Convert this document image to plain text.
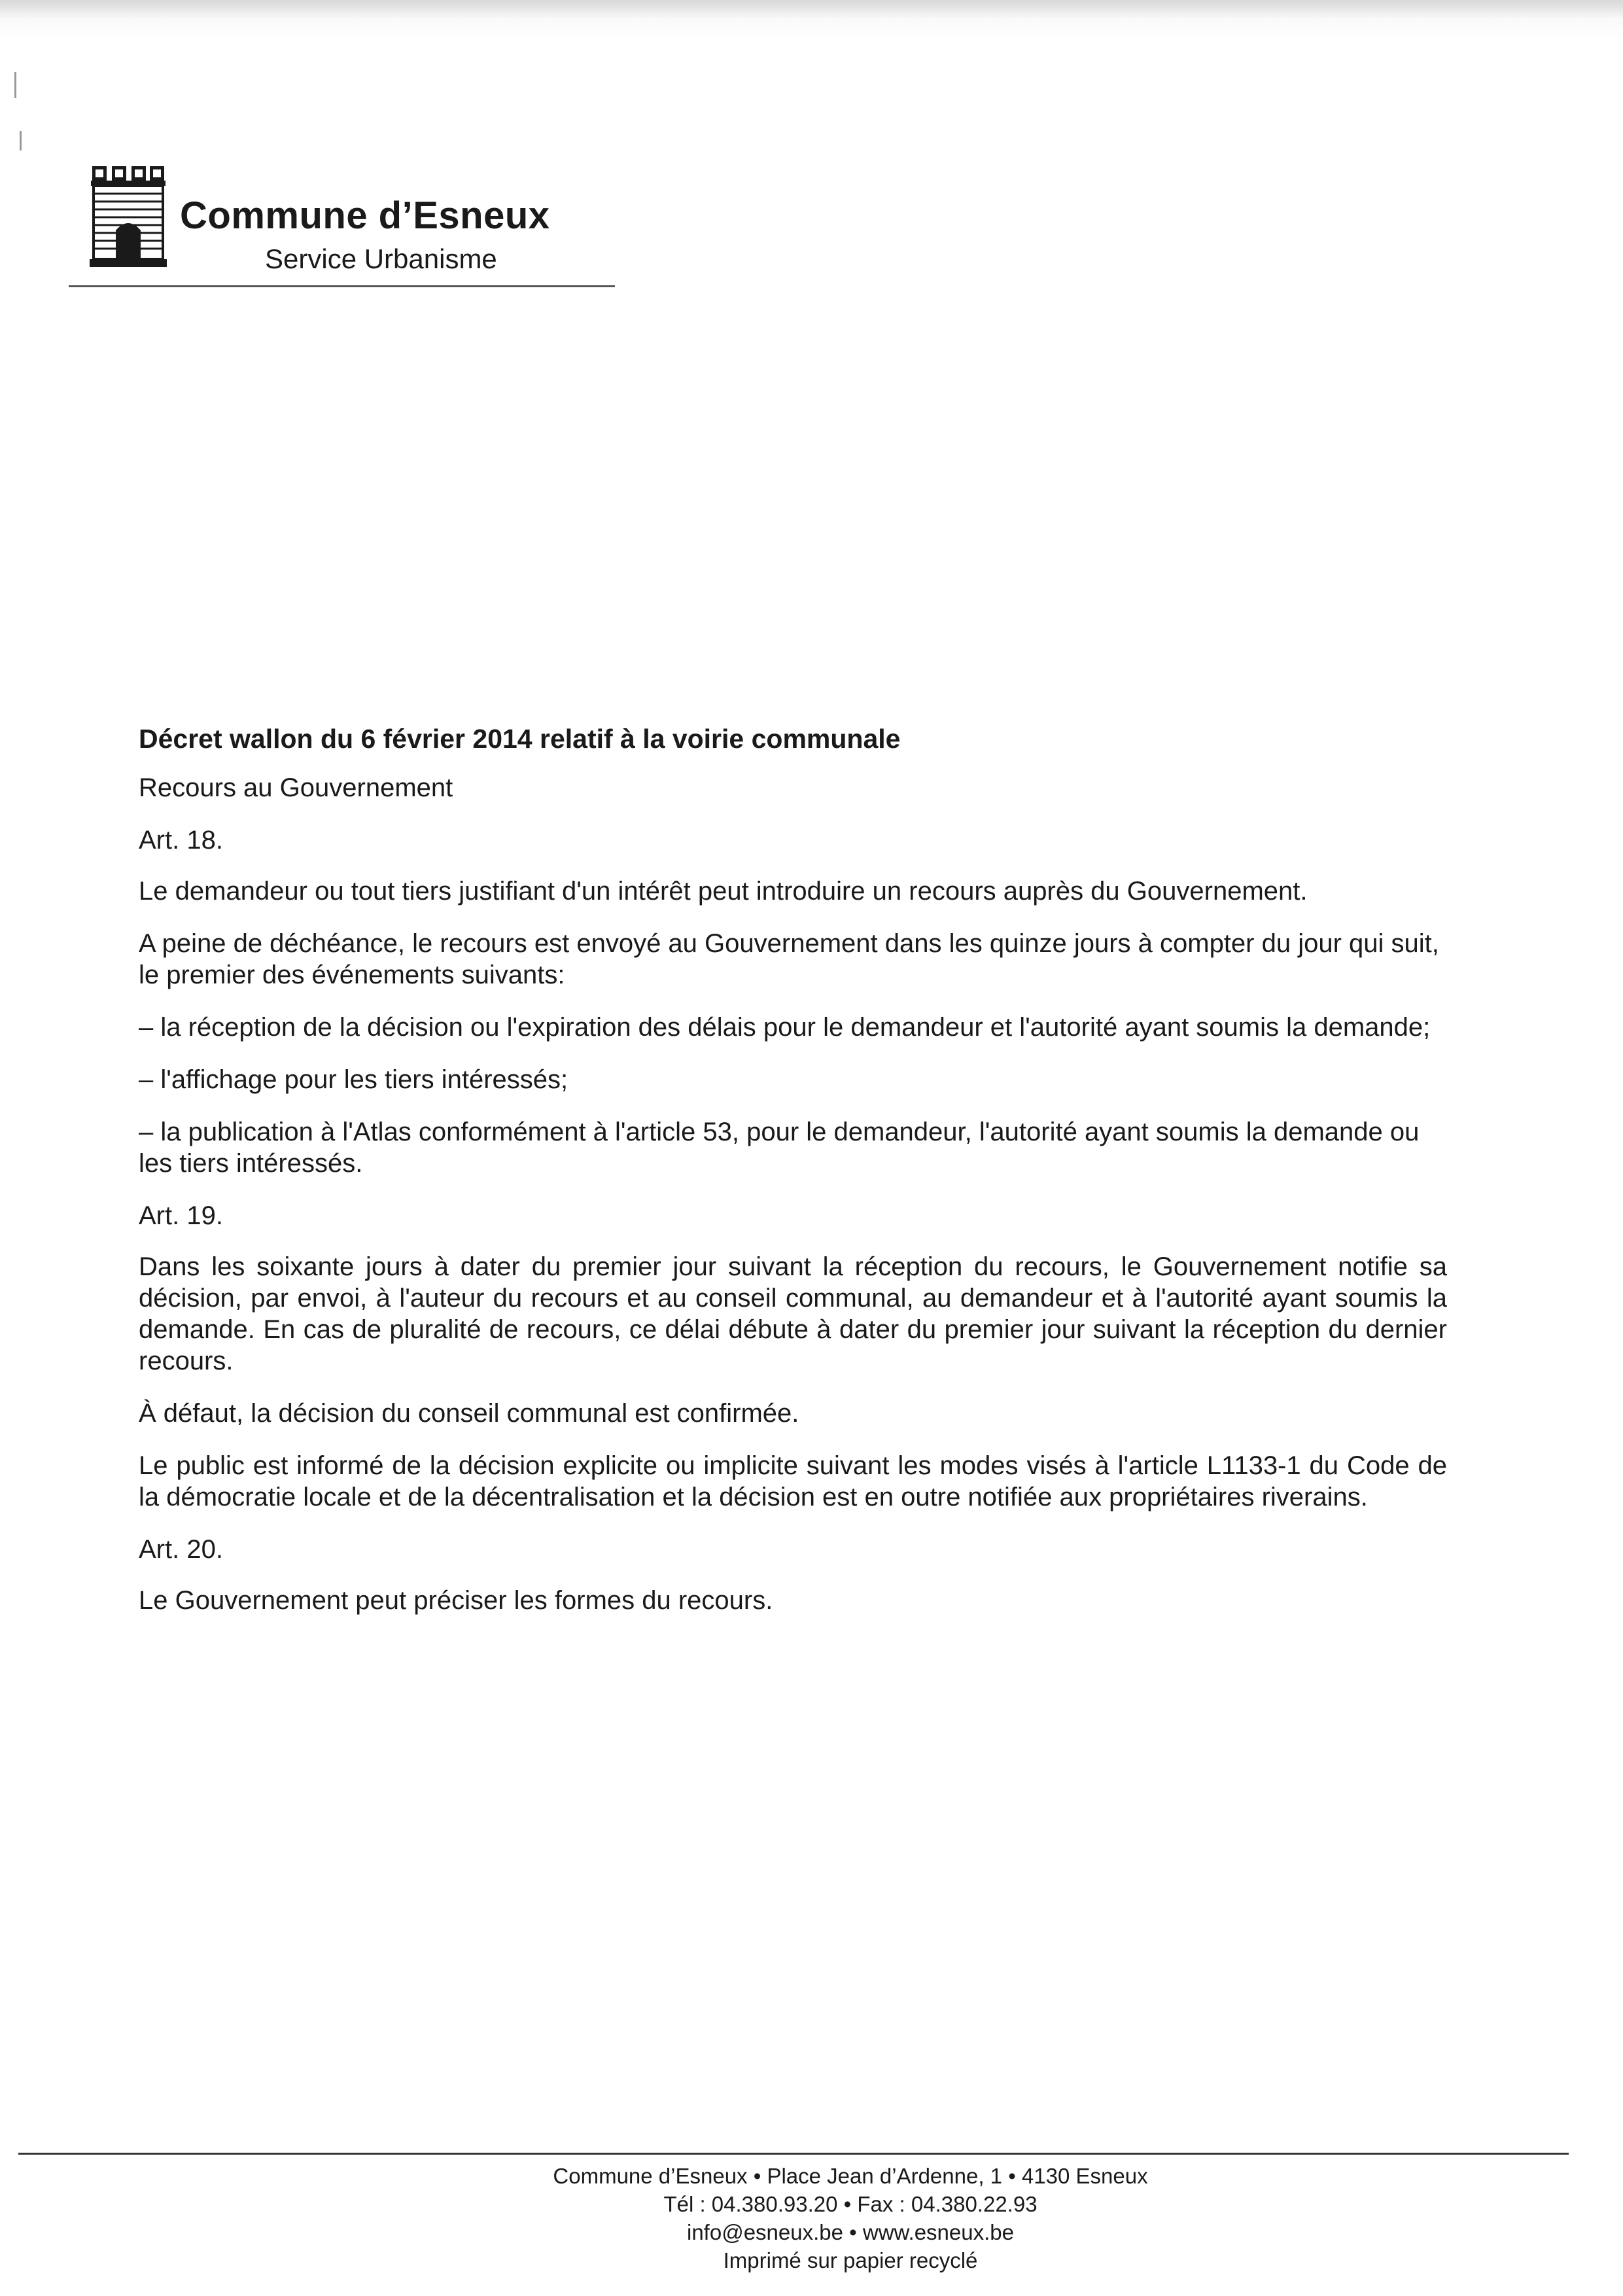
Commune d’Esneux
Service Urbanisme

Décret wallon du 6 février 2014 relatif à la voirie communale

Recours au Gouvernement

Art. 18.

Le demandeur ou tout tiers justifiant d'un intérêt peut introduire un recours auprès du Gouvernement.

A peine de déchéance, le recours est envoyé au Gouvernement dans les quinze jours à compter du jour qui suit, le premier des événements suivants:

– la réception de la décision ou l'expiration des délais pour le demandeur et l'autorité ayant soumis la demande;

– l'affichage pour les tiers intéressés;

– la publication à l'Atlas conformément à l'article 53, pour le demandeur, l'autorité ayant soumis la demande ou les tiers intéressés.

Art. 19.

Dans les soixante jours à dater du premier jour suivant la réception du recours, le Gouvernement notifie sa décision, par envoi, à l'auteur du recours et au conseil communal, au demandeur et à l'autorité ayant soumis la demande. En cas de pluralité de recours, ce délai débute à dater du premier jour suivant la réception du dernier recours.

À défaut, la décision du conseil communal est confirmée.

Le public est informé de la décision explicite ou implicite suivant les modes visés à l'article L1133-1 du Code de la démocratie locale et de la décentralisation et la décision est en outre notifiée aux propriétaires riverains.

Art. 20.

Le Gouvernement peut préciser les formes du recours.

Commune d’Esneux • Place Jean d’Ardenne, 1 • 4130 Esneux
Tél : 04.380.93.20 • Fax : 04.380.22.93
info@esneux.be • www.esneux.be
Imprimé sur papier recyclé
